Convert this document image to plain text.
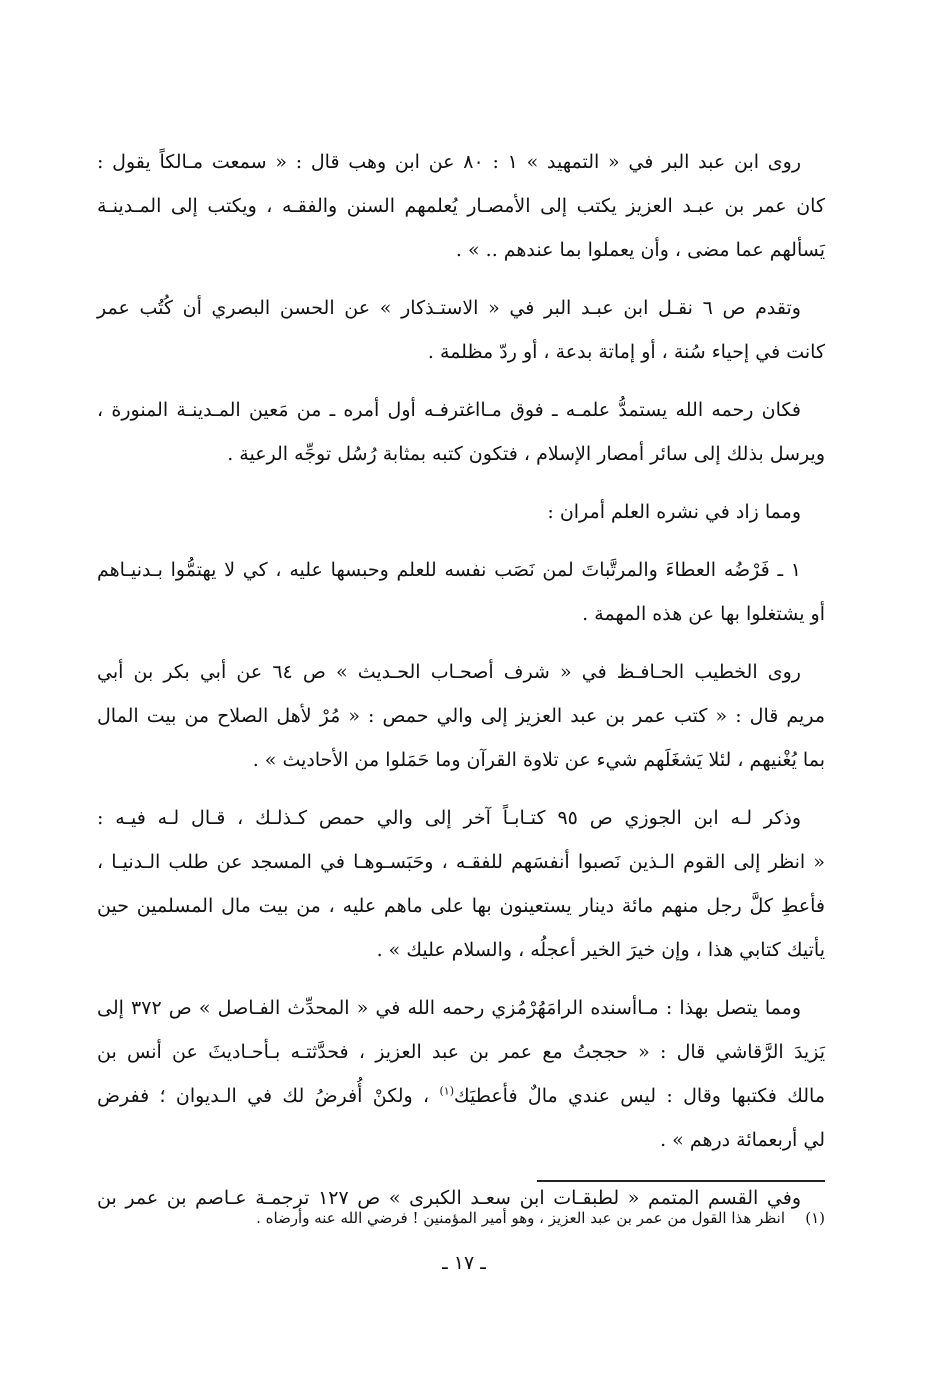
روى ابن عبد البر في « التمهيد » ١ : ٨٠ عن ابن وهب قال : « سمعت مـالكاً يقول :
كان عمر بن عبـد العزيز يكتب إلى الأمصـار يُعلمهم السنن والفقـه ، ويكتب إلى المـدينـة
يَسألهم عما مضى ، وأن يعملوا بما عندهم .. » .

وتقدم ص ٦ نقـل ابن عبـد البر في « الاستـذكار » عن الحسن البصري أن كُتُب عمر
كانت في إحياء سُنة ، أو إماتة بدعة ، أو ردّ مظلمة .

فكان رحمه الله يستمدُّ علمـه ـ فوق مـااغترفـه أول أمره ـ من مَعين المـدينـة المنورة ،
ويرسل بذلك إلى سائر أمصار الإسلام ، فتكون كتبه بمثابة رُسُل توجِّه الرعية .

ومما زاد في نشره العلم أمران :

١ ـ فَرْضُه العطاءَ والمرتَّباتَ لمن نَصَب نفسه للعلم وحبسها عليه ، كي لا يهتمُّوا بـدنيـاهم
أو يشتغلوا بها عن هذه المهمة .

روى الخطيب الحـافـظ في « شرف أصحـاب الحـديث » ص ٦٤ عن أبي بكر بن أبي
مريم قال : « كتب عمر بن عبد العزيز إلى والي حمص : « مُرْ لأهل الصلاح من بيت المال
بما يُغْنيهم ، لئلا يَشغَلَهم شيء عن تلاوة القرآن وما حَمَلوا من الأحاديث » .

وذكر لـه ابن الجوزي ص ٩٥ كتـابـاً آخر إلى والي حمص كـذلـك ، قـال لـه فيـه :
« انظر إلى القوم الـذين نَصبوا أنفسَهم للفقـه ، وحَبَسـوهـا في المسجد عن طلب الـدنيـا ،
فأعطِ كلَّ رجل منهم مائة دينار يستعينون بها على ماهم عليه ، من بيت مال المسلمين حين
يأتيك كتابي هذا ، وإن خيرَ الخير أعجلُه ، والسلام عليك » .

ومما يتصل بهذا : مـاأسنده الرامَهُرْمُزي رحمه الله في « المحدِّث الفـاصل » ص ٣٧٢ إلى
يَزيدَ الرَّقاشي قال : « حججتُ مع عمر بن عبد العزيز ، فحدَّثتـه بـأحـاديثَ عن أنس بن
مالك فكتبها وقال : ليس عندي مالٌ فأعطيَك$^{(١)}$ ، ولكنْ أُفرضُ لك في الـديوان ؛ ففرض
لي أربعمائة درهم » .

وفي القسم المتمم « لطبقـات ابن سعـد الكبرى » ص ١٢٧ ترجمـة عـاصم بن عمر بن

(١)انظر هذا القول من عمر بن عبد العزيز ، وهو أمير المؤمنين ! فرضي الله عنه وأرضاه .
ـ ١٧ ـ
